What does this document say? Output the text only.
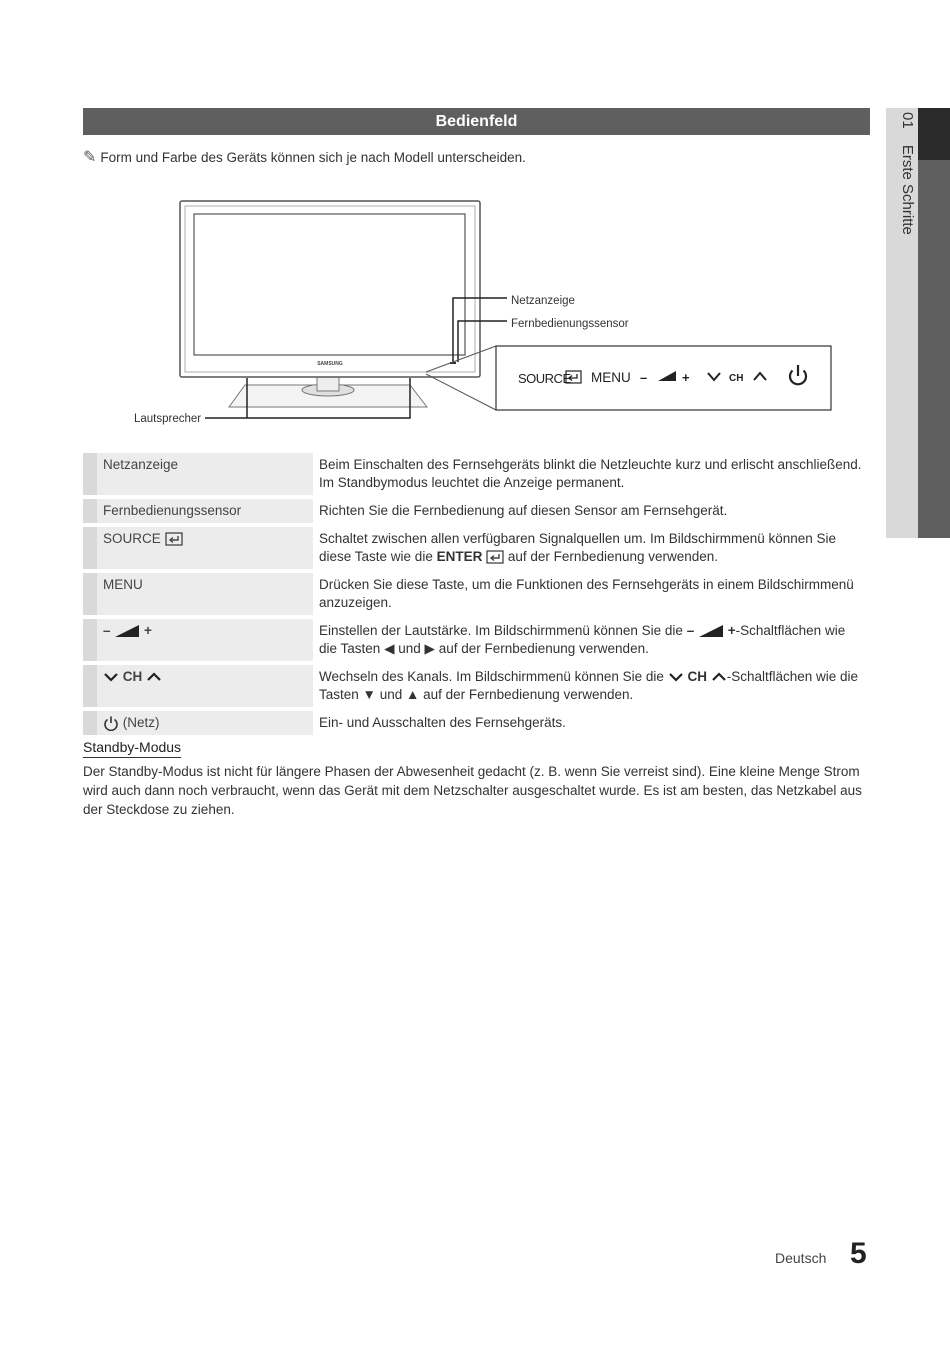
01 Erste Schritte
Bedienfeld
✎ Form und Farbe des Geräts können sich je nach Modell unterscheiden.
SAMSUNG
Netzanzeige
Fernbedienungssensor
Lautsprecher
SOURCE MENU –	+	CH
	Netzanzeige	Beim Einschalten des Fernsehgeräts blinkt die Netzleuchte kurz und erlischt anschließend. Im Standbymodus leuchtet die Anzeige permanent.
	Fernbedienungssensor	Richten Sie die Fernbedienung auf diesen Sensor am Fernsehgerät.
	SOURCE	Schaltet zwischen allen verfügbaren Signalquellen um. Im Bildschirmmenü können Sie diese Taste wie die ENTER auf der Fernbedienung verwenden.
	MENU	Drücken Sie diese Taste, um die Funktionen des Fernsehgeräts in einem Bildschirmmenü anzuzeigen.
	– +	Einstellen der Lautstärke. Im Bildschirmmenü können Sie die – +-Schaltflächen wie die Tasten ◀ und ▶ auf der Fernbedienung verwenden.
	CH	Wechseln des Kanals. Im Bildschirmmenü können Sie die CH -Schaltflächen wie die Tasten ▼ und ▲ auf der Fernbedienung verwenden.
	(Netz)	Ein- und Ausschalten des Fernsehgeräts.
Standby-Modus
Der Standby-Modus ist nicht für längere Phasen der Abwesenheit gedacht (z. B. wenn Sie verreist sind). Eine kleine Menge Strom wird auch dann noch verbraucht, wenn das Gerät mit dem Netzschalter ausgeschaltet wurde. Es ist am besten, das Netzkabel aus der Steckdose zu ziehen.
Deutsch 5
